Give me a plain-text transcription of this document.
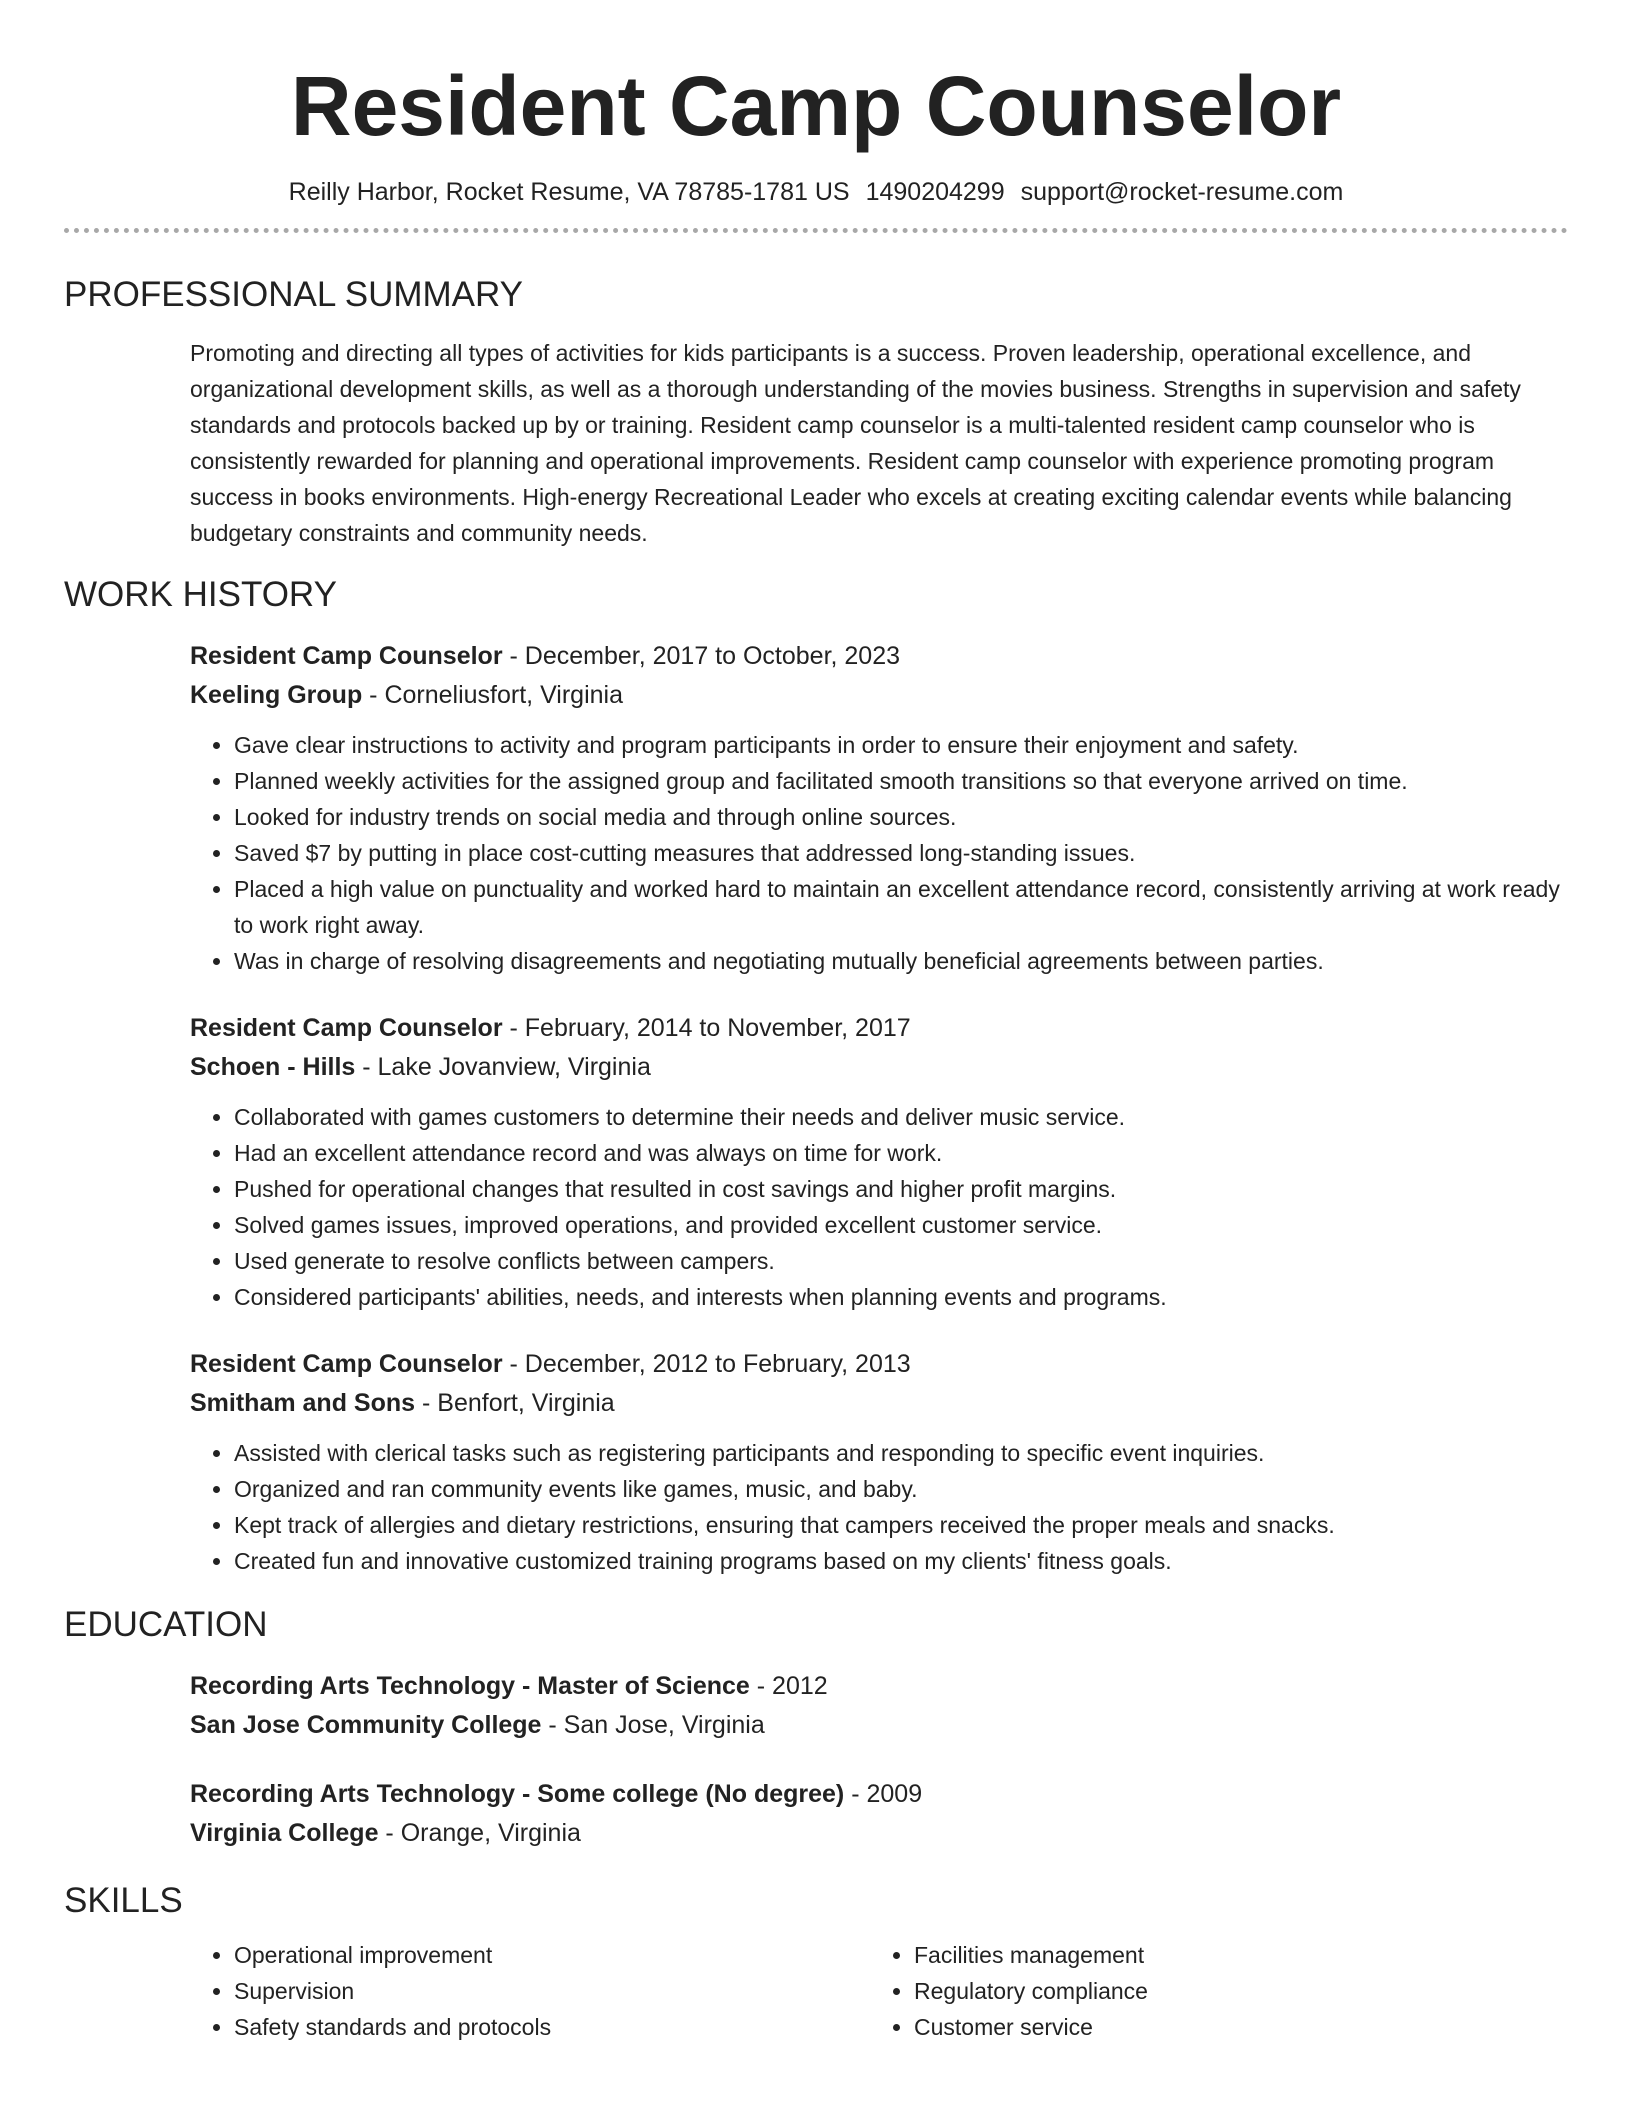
Resident Camp Counselor
Reilly Harbor, Rocket Resume, VA 78785-1781 US 1490204299 support@rocket-resume.com
PROFESSIONAL SUMMARY
Promoting and directing all types of activities for kids participants is a success. Proven leadership, operational excellence, and organizational development skills, as well as a thorough understanding of the movies business. Strengths in supervision and safety standards and protocols backed up by or training. Resident camp counselor is a multi-talented resident camp counselor who is consistently rewarded for planning and operational improvements. Resident camp counselor with experience promoting program success in books environments. High-energy Recreational Leader who excels at creating exciting calendar events while balancing budgetary constraints and community needs.
WORK HISTORY
Resident Camp Counselor - December, 2017 to October, 2023
Keeling Group - Corneliusfort, Virginia
• Gave clear instructions to activity and program participants in order to ensure their enjoyment and safety.
• Planned weekly activities for the assigned group and facilitated smooth transitions so that everyone arrived on time.
• Looked for industry trends on social media and through online sources.
• Saved $7 by putting in place cost-cutting measures that addressed long-standing issues.
• Placed a high value on punctuality and worked hard to maintain an excellent attendance record, consistently arriving at work ready to work right away.
• Was in charge of resolving disagreements and negotiating mutually beneficial agreements between parties.
Resident Camp Counselor - February, 2014 to November, 2017
Schoen - Hills - Lake Jovanview, Virginia
• Collaborated with games customers to determine their needs and deliver music service.
• Had an excellent attendance record and was always on time for work.
• Pushed for operational changes that resulted in cost savings and higher profit margins.
• Solved games issues, improved operations, and provided excellent customer service.
• Used generate to resolve conflicts between campers.
• Considered participants' abilities, needs, and interests when planning events and programs.
Resident Camp Counselor - December, 2012 to February, 2013
Smitham and Sons - Benfort, Virginia
• Assisted with clerical tasks such as registering participants and responding to specific event inquiries.
• Organized and ran community events like games, music, and baby.
• Kept track of allergies and dietary restrictions, ensuring that campers received the proper meals and snacks.
• Created fun and innovative customized training programs based on my clients' fitness goals.
EDUCATION
Recording Arts Technology - Master of Science - 2012
San Jose Community College - San Jose, Virginia
Recording Arts Technology - Some college (No degree) - 2009
Virginia College - Orange, Virginia
SKILLS
• Operational improvement
• Supervision
• Safety standards and protocols
• Facilities management
• Regulatory compliance
• Customer service
